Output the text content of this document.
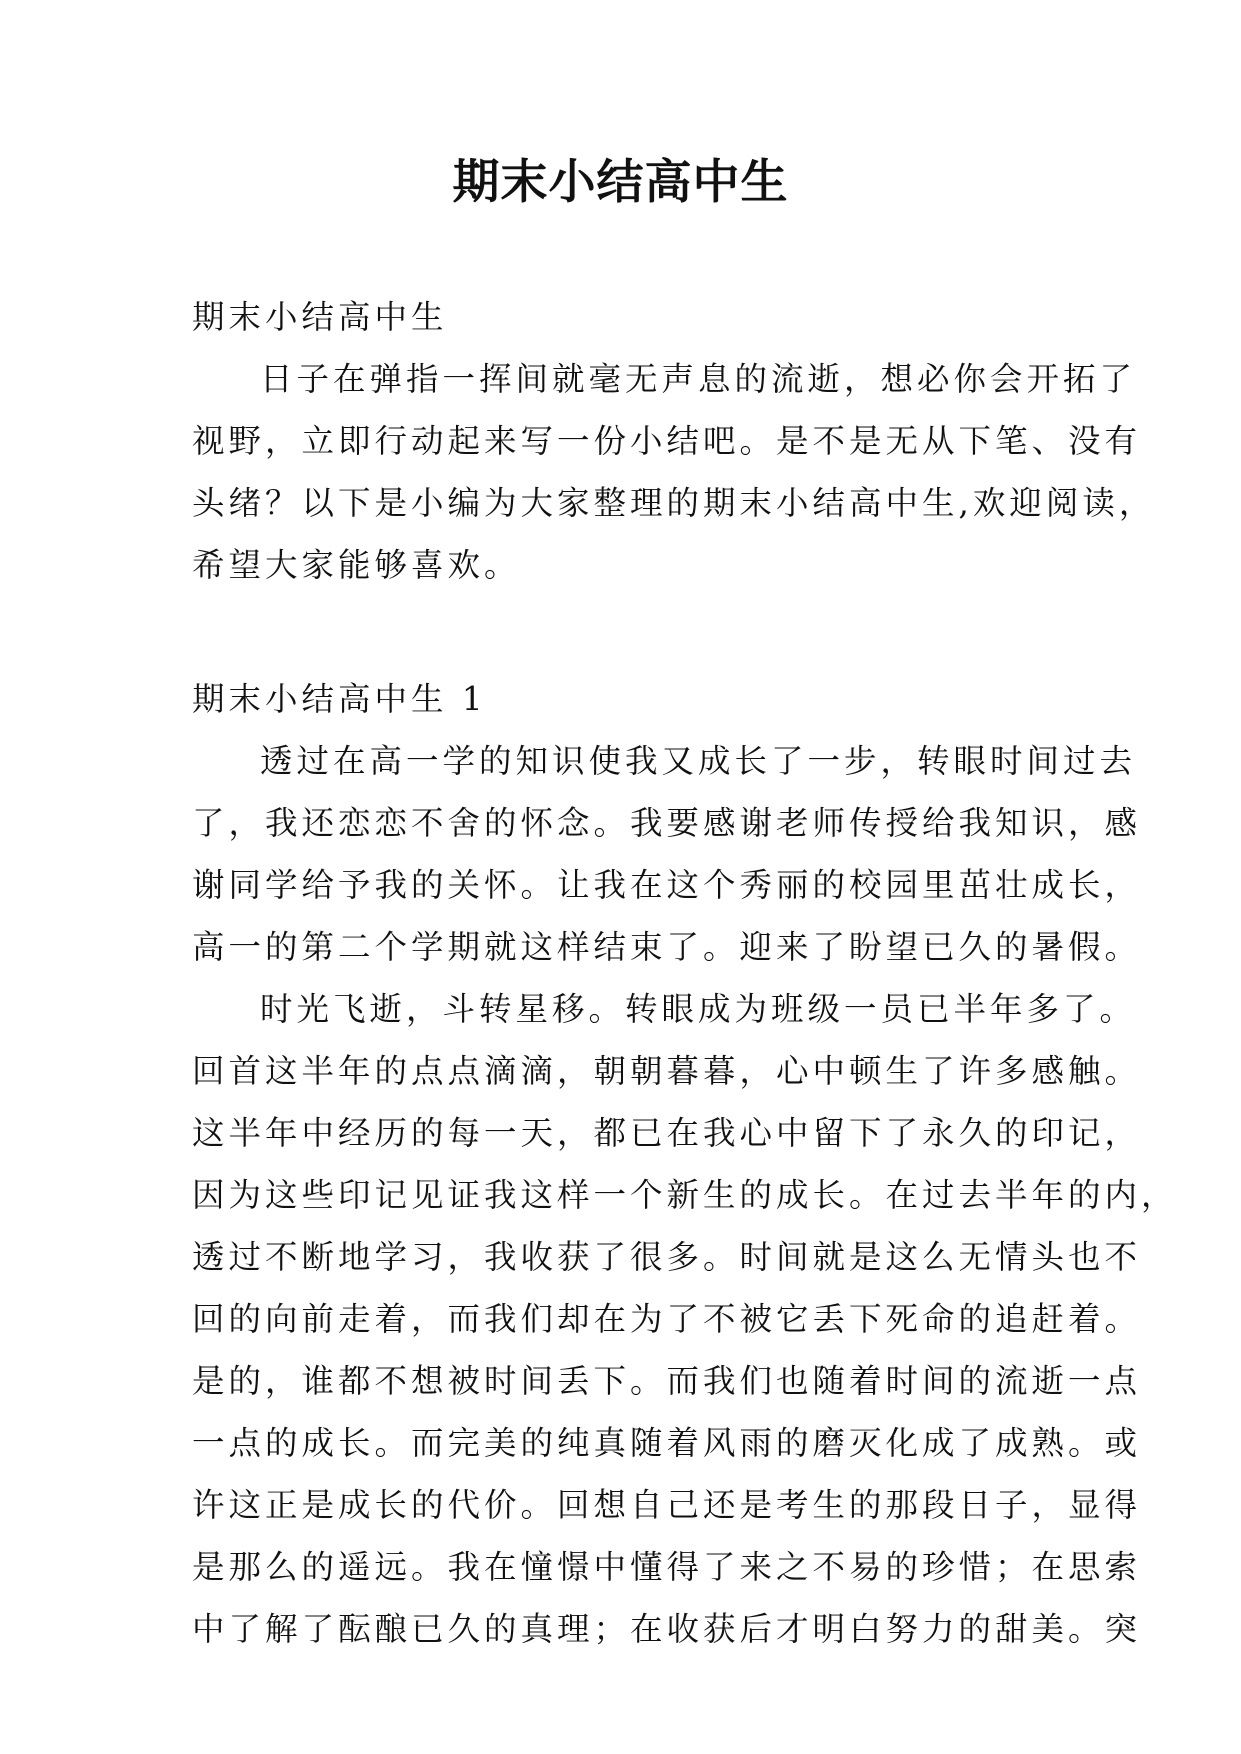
期末小结高中生
期末小结高中生
日子在弹指一挥间就毫无声息的流逝，想必你会开拓了
视野，立即行动起来写一份小结吧。是不是无从下笔、没有
头绪？以下是小编为大家整理的期末小结高中生,欢迎阅读，
希望大家能够喜欢。
期末小结高中生 1
透过在高一学的知识使我又成长了一步，转眼时间过去
了，我还恋恋不舍的怀念。我要感谢老师传授给我知识，感
谢同学给予我的关怀。让我在这个秀丽的校园里茁壮成长，
高一的第二个学期就这样结束了。迎来了盼望已久的暑假。
时光飞逝，斗转星移。转眼成为班级一员已半年多了。
回首这半年的点点滴滴，朝朝暮暮，心中顿生了许多感触。
这半年中经历的每一天，都已在我心中留下了永久的印记，
因为这些印记见证我这样一个新生的成长。在过去半年的内，
透过不断地学习，我收获了很多。时间就是这么无情头也不
回的向前走着，而我们却在为了不被它丢下死命的追赶着。
是的，谁都不想被时间丢下。而我们也随着时间的流逝一点
一点的成长。而完美的纯真随着风雨的磨灭化成了成熟。或
许这正是成长的代价。回想自己还是考生的那段日子，显得
是那么的遥远。我在憧憬中懂得了来之不易的珍惜；在思索
中了解了酝酿已久的真理；在收获后才明白努力的甜美。突
